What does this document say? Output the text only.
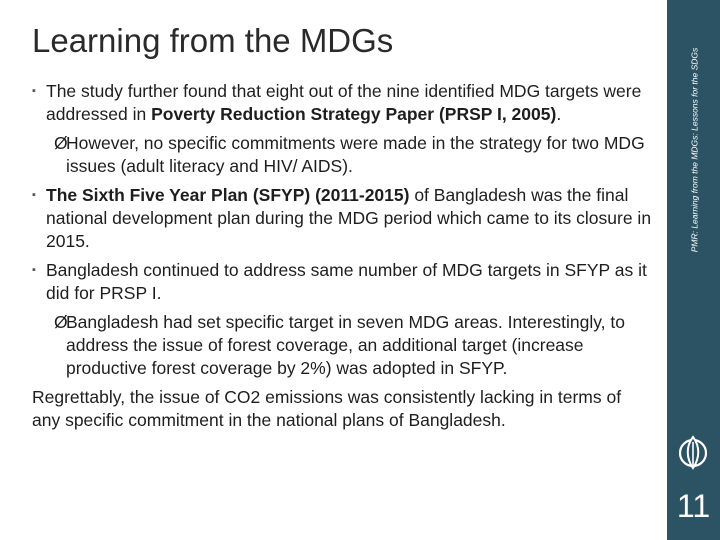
Learning from the MDGs

▪ The study further found that eight out of the nine identified MDG targets were addressed in Poverty Reduction Strategy Paper (PRSP I, 2005).

Ø
However, no specific commitments were made in the strategy for two MDG issues (adult literacy and HIV/ AIDS).

▪ The Sixth Five Year Plan (SFYP) (2011-2015) of Bangladesh was the final national development plan during the MDG period which came to its closure in 2015.

▪ Bangladesh continued to address same number of MDG targets in SFYP as it did for PRSP I.

Ø
Bangladesh had set specific target in seven MDG areas. Interestingly, to address the issue of forest coverage, an additional target (increase productive forest coverage by 2%) was adopted in SFYP.

Regrettably, the issue of CO2 emissions was consistently lacking in terms of any specific commitment in the national plans of Bangladesh.

PMR: Learning from the MDGs: Lessons for the SDGs
11
